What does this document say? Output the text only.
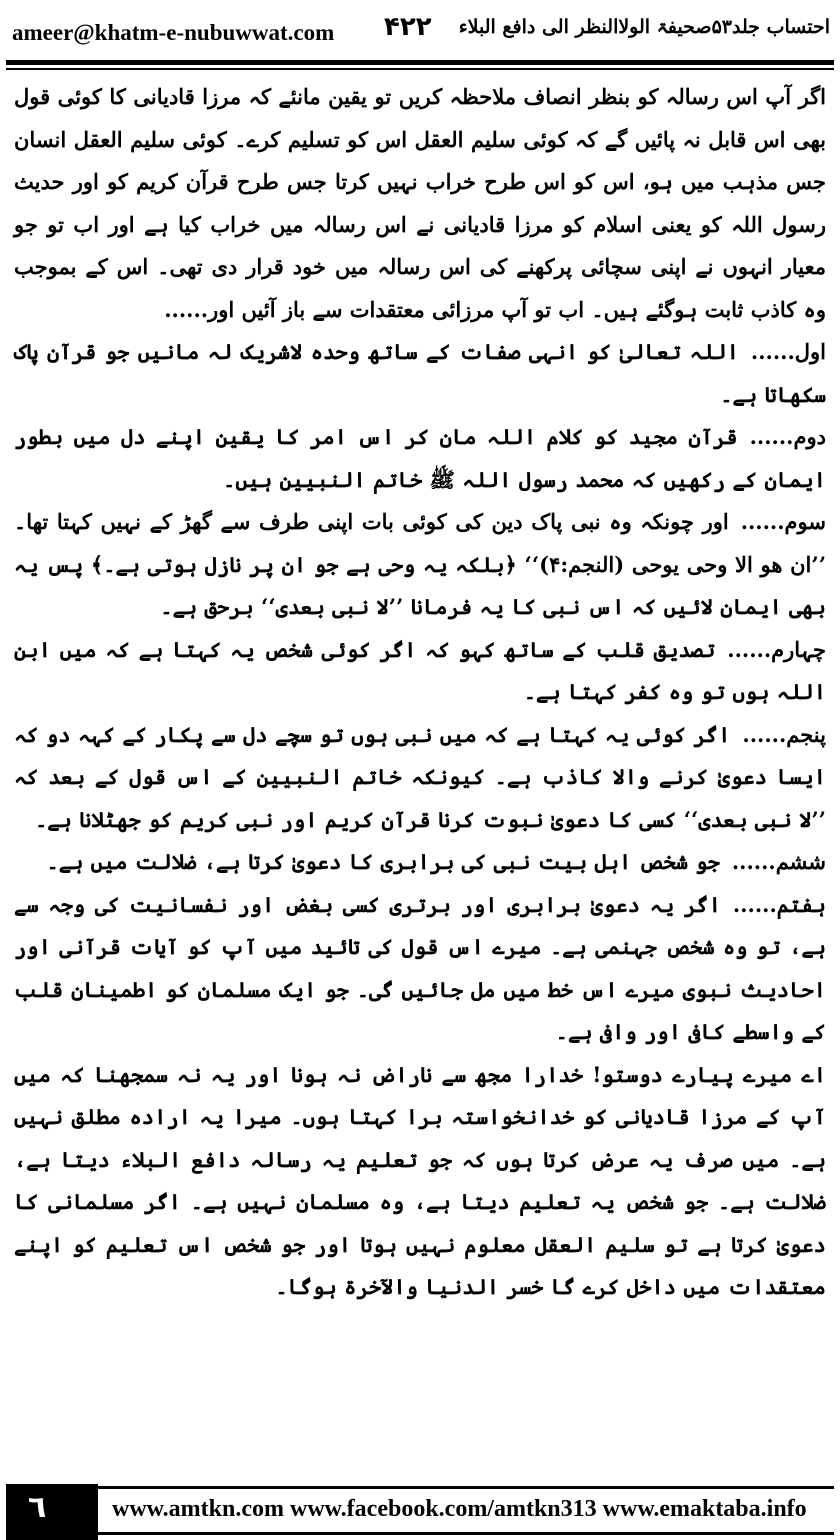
ameer@khatm-e-nubuwwat.com ۴۲۲ احتساب جلد۵۳صحیفۃ الولاالنظر الی دافع البلاء

اگر آپ اس رسالہ کو بنظر انصاف ملاحظہ کریں تو یقین مانئے کہ مرزا قادیانی کا کوئی قول بھی اس قابل نہ پائیں گے کہ کوئی سلیم العقل اس کو تسلیم کرے۔ کوئی سلیم العقل انسان جس مذہب میں ہو، اس کو اس طرح خراب نہیں کرتا جس طرح قرآن کریم کو اور حدیث رسول اللہ کو یعنی اسلام کو مرزا قادیانی نے اس رسالہ میں خراب کیا ہے اور اب تو جو معیار انہوں نے اپنی سچائی پرکھنے کی اس رسالہ میں خود قرار دی تھی۔ اس کے بموجب وہ کاذب ثابت ہوگئے ہیں۔ اب تو آپ مرزائی معتقدات سے باز آئیں اور......

اول......اللہ تعالیٰ کو انہی صفات کے ساتھ وحدہ لاشریک لہ مانیں جو قرآن پاک سکھاتا ہے۔

دوم......قرآن مجید کو کلام اللہ مان کر اس امر کا یقین اپنے دل میں بطور ایمان کے رکھیں کہ محمد رسول اللہ ﷺ خاتم النبیین ہیں۔

سوم......اور چونکہ وہ نبی پاک دین کی کوئی بات اپنی طرف سے گھڑ کے نہیں کہتا تھا۔ ’’ان ھو الا وحی یوحی (النجم:۴)‘‘ ﴿بلکہ یہ وحی ہے جو ان پر نازل ہوتی ہے۔﴾ پس یہ بھی ایمان لائیں کہ اس نبی کا یہ فرمانا ’’لا نبی بعدی‘‘ برحق ہے۔

چہارم......تصدیق قلب کے ساتھ کہو کہ اگر کوئی شخص یہ کہتا ہے کہ میں ابن اللہ ہوں تو وہ کفر کہتا ہے۔

پنجم......اگر کوئی یہ کہتا ہے کہ میں نبی ہوں تو سچے دل سے پکار کے کہہ دو کہ ایسا دعویٰ کرنے والا کاذب ہے۔ کیونکہ خاتم النبیین کے اس قول کے بعد کہ ’’لا نبی بعدی‘‘ کسی کا دعویٰ نبوت کرنا قرآن کریم اور نبی کریم کو جھٹلانا ہے۔

ششم......جو شخص اہل بیت نبی کی برابری کا دعویٰ کرتا ہے، ضلالت میں ہے۔

ہفتم......اگر یہ دعویٰ برابری اور برتری کسی بغض اور نفسانیت کی وجہ سے ہے، تو وہ شخص جہنمی ہے۔ میرے اس قول کی تائید میں آپ کو آیات قرآنی اور احادیث نبوی میرے اس خط میں مل جائیں گی۔ جو ایک مسلمان کو اطمینان قلب کے واسطے کافی اور وافی ہے۔

اے میرے پیارے دوستو! خدارا مجھ سے ناراض نہ ہونا اور یہ نہ سمجھنا کہ میں آپ کے مرزا قادیانی کو خدانخواستہ برا کہتا ہوں۔ میرا یہ ارادہ مطلق نہیں ہے۔ میں صرف یہ عرض کرتا ہوں کہ جو تعلیم یہ رسالہ دافع البلاء دیتا ہے، ضلالت ہے۔ جو شخص یہ تعلیم دیتا ہے، وہ مسلمان نہیں ہے۔ اگر مسلمانی کا دعویٰ کرتا ہے تو سلیم العقل معلوم نہیں ہوتا اور جو شخص اس تعلیم کو اپنے معتقدات میں داخل کرے گا خسر الدنیا والآخرۃ ہوگا۔

٦	www.amtkn.com www.facebook.com/amtkn313 www.emaktaba.info
